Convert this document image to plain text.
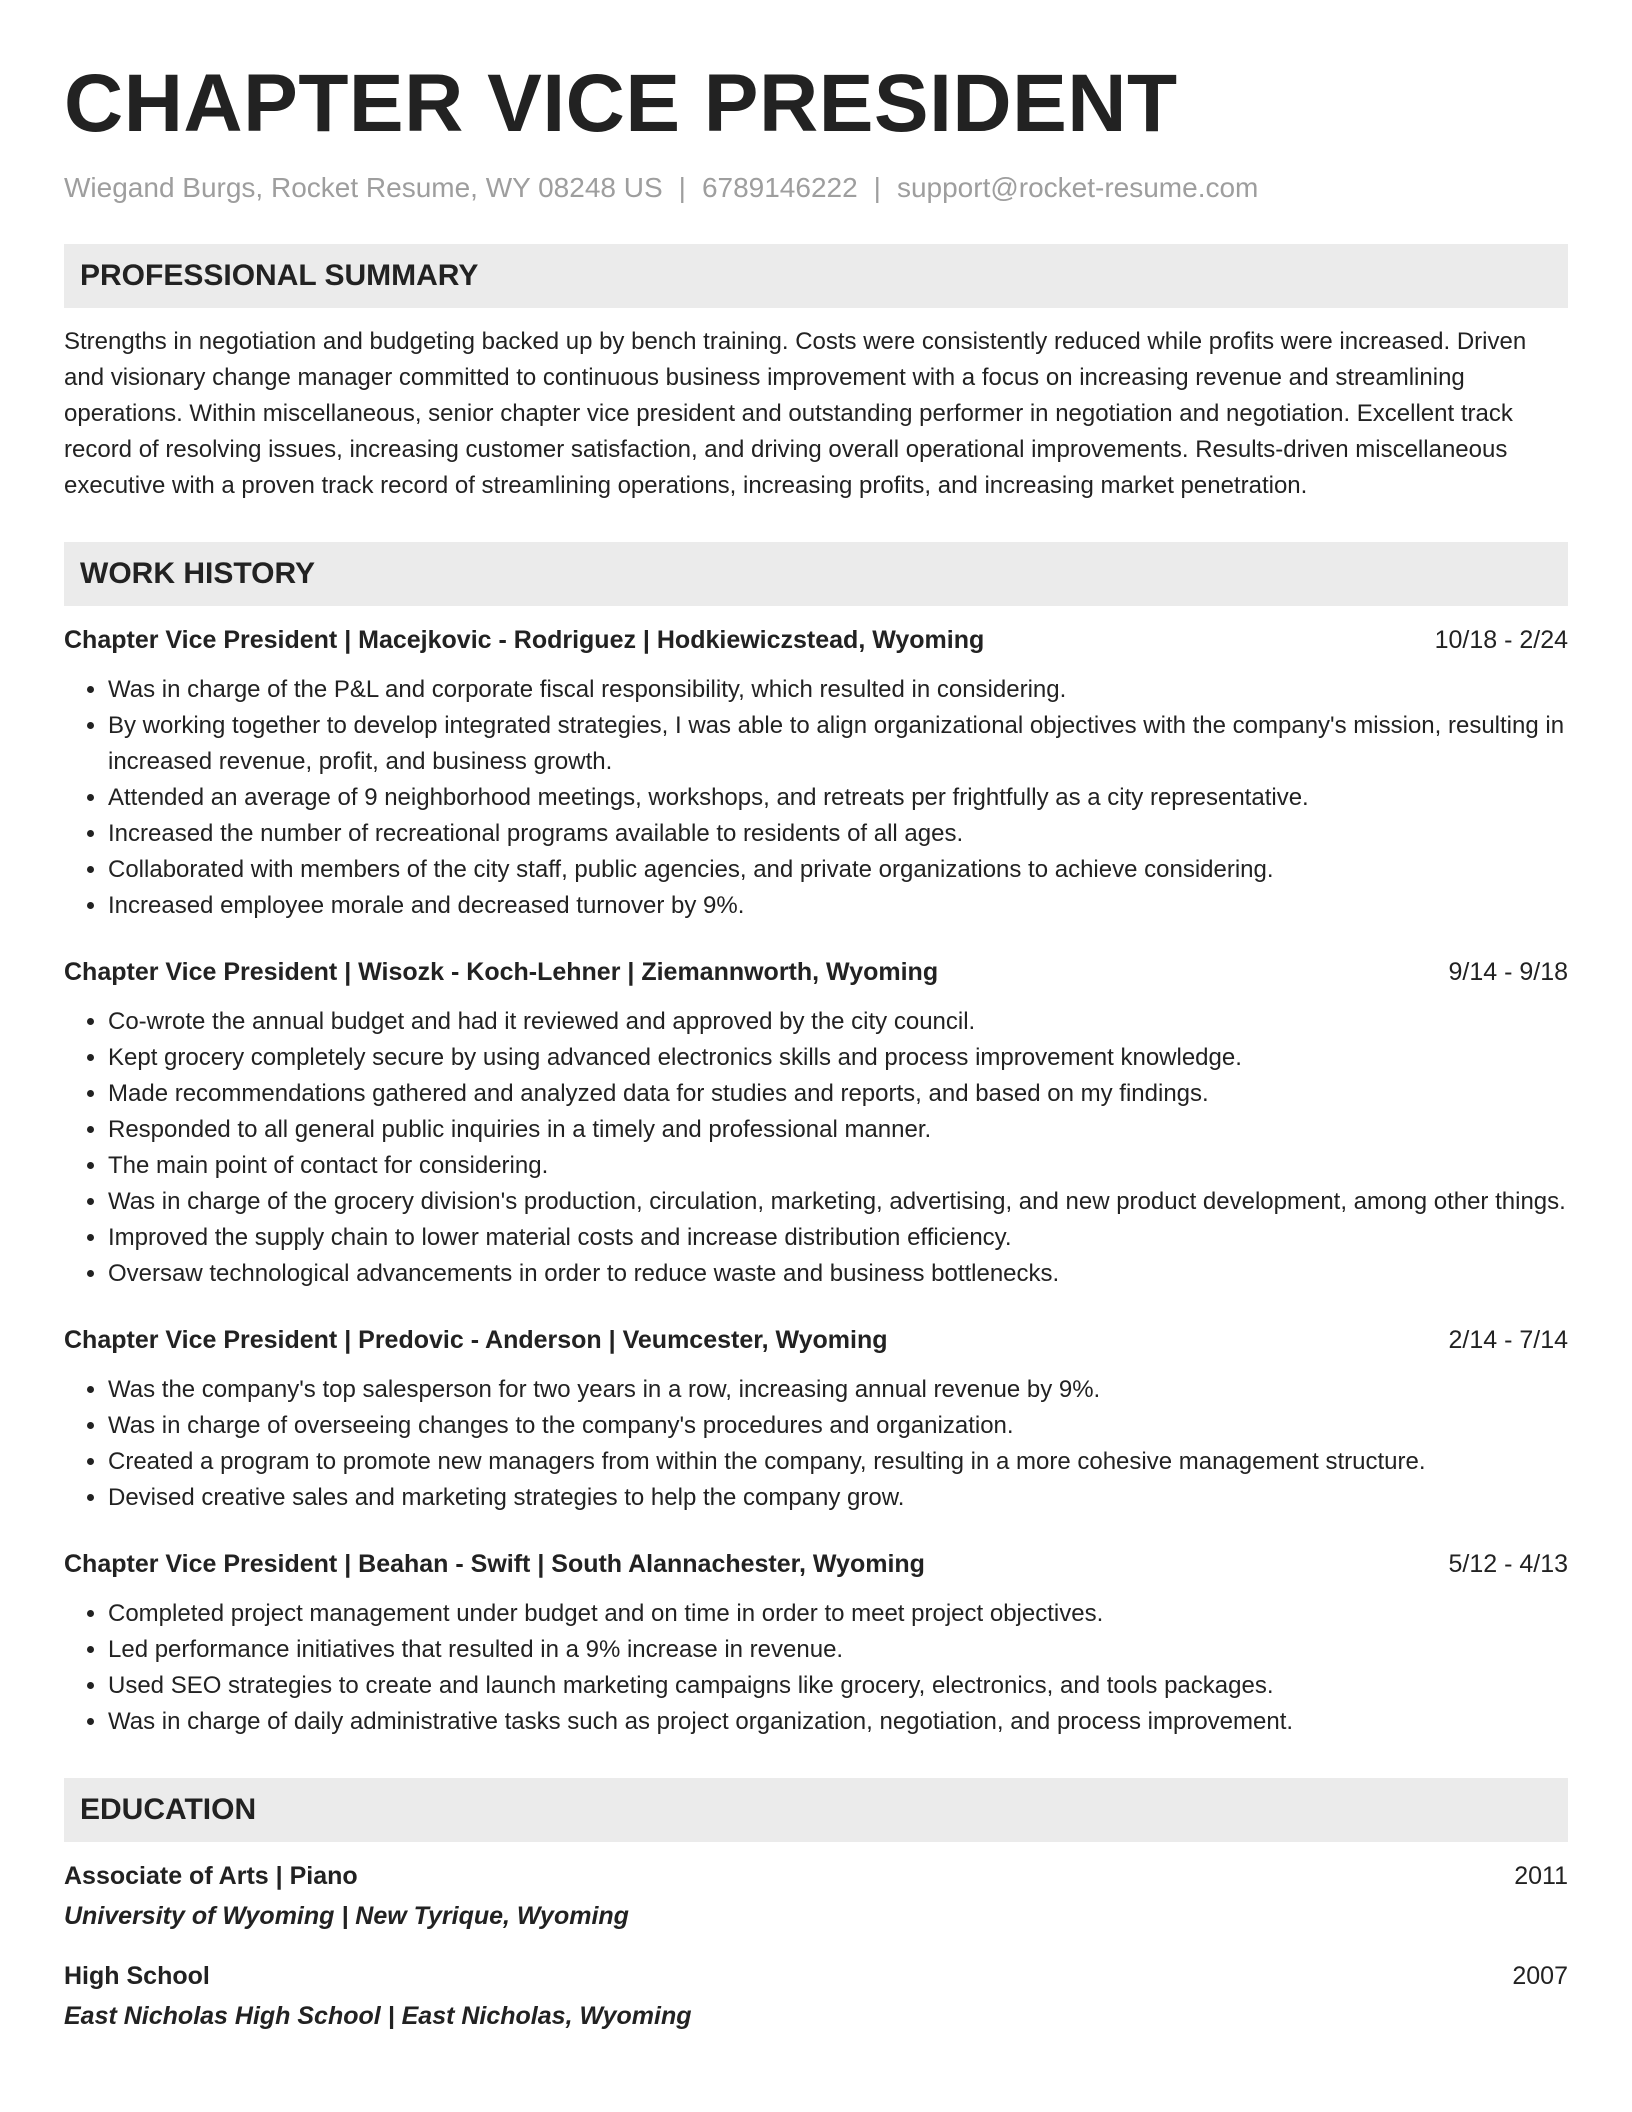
CHAPTER VICE PRESIDENT
Wiegand Burgs, Rocket Resume, WY 08248 US | 6789146222 | support@rocket-resume.com
PROFESSIONAL SUMMARY
Strengths in negotiation and budgeting backed up by bench training. Costs were consistently reduced while profits were increased. Driven and visionary change manager committed to continuous business improvement with a focus on increasing revenue and streamlining operations. Within miscellaneous, senior chapter vice president and outstanding performer in negotiation and negotiation. Excellent track record of resolving issues, increasing customer satisfaction, and driving overall operational improvements. Results-driven miscellaneous executive with a proven track record of streamlining operations, increasing profits, and increasing market penetration.
WORK HISTORY
Chapter Vice President | Macejkovic - Rodriguez | Hodkiewiczstead, Wyoming	10/18 - 2/24
• Was in charge of the P&L and corporate fiscal responsibility, which resulted in considering.
• By working together to develop integrated strategies, I was able to align organizational objectives with the company's mission, resulting in increased revenue, profit, and business growth.
• Attended an average of 9 neighborhood meetings, workshops, and retreats per frightfully as a city representative.
• Increased the number of recreational programs available to residents of all ages.
• Collaborated with members of the city staff, public agencies, and private organizations to achieve considering.
• Increased employee morale and decreased turnover by 9%.
Chapter Vice President | Wisozk - Koch-Lehner | Ziemannworth, Wyoming	9/14 - 9/18
• Co-wrote the annual budget and had it reviewed and approved by the city council.
• Kept grocery completely secure by using advanced electronics skills and process improvement knowledge.
• Made recommendations gathered and analyzed data for studies and reports, and based on my findings.
• Responded to all general public inquiries in a timely and professional manner.
• The main point of contact for considering.
• Was in charge of the grocery division's production, circulation, marketing, advertising, and new product development, among other things.
• Improved the supply chain to lower material costs and increase distribution efficiency.
• Oversaw technological advancements in order to reduce waste and business bottlenecks.
Chapter Vice President | Predovic - Anderson | Veumcester, Wyoming	2/14 - 7/14
• Was the company's top salesperson for two years in a row, increasing annual revenue by 9%.
• Was in charge of overseeing changes to the company's procedures and organization.
• Created a program to promote new managers from within the company, resulting in a more cohesive management structure.
• Devised creative sales and marketing strategies to help the company grow.
Chapter Vice President | Beahan - Swift | South Alannachester, Wyoming	5/12 - 4/13
• Completed project management under budget and on time in order to meet project objectives.
• Led performance initiatives that resulted in a 9% increase in revenue.
• Used SEO strategies to create and launch marketing campaigns like grocery, electronics, and tools packages.
• Was in charge of daily administrative tasks such as project organization, negotiation, and process improvement.
EDUCATION
Associate of Arts | Piano	2011
University of Wyoming | New Tyrique, Wyoming
High School	2007
East Nicholas High School | East Nicholas, Wyoming
